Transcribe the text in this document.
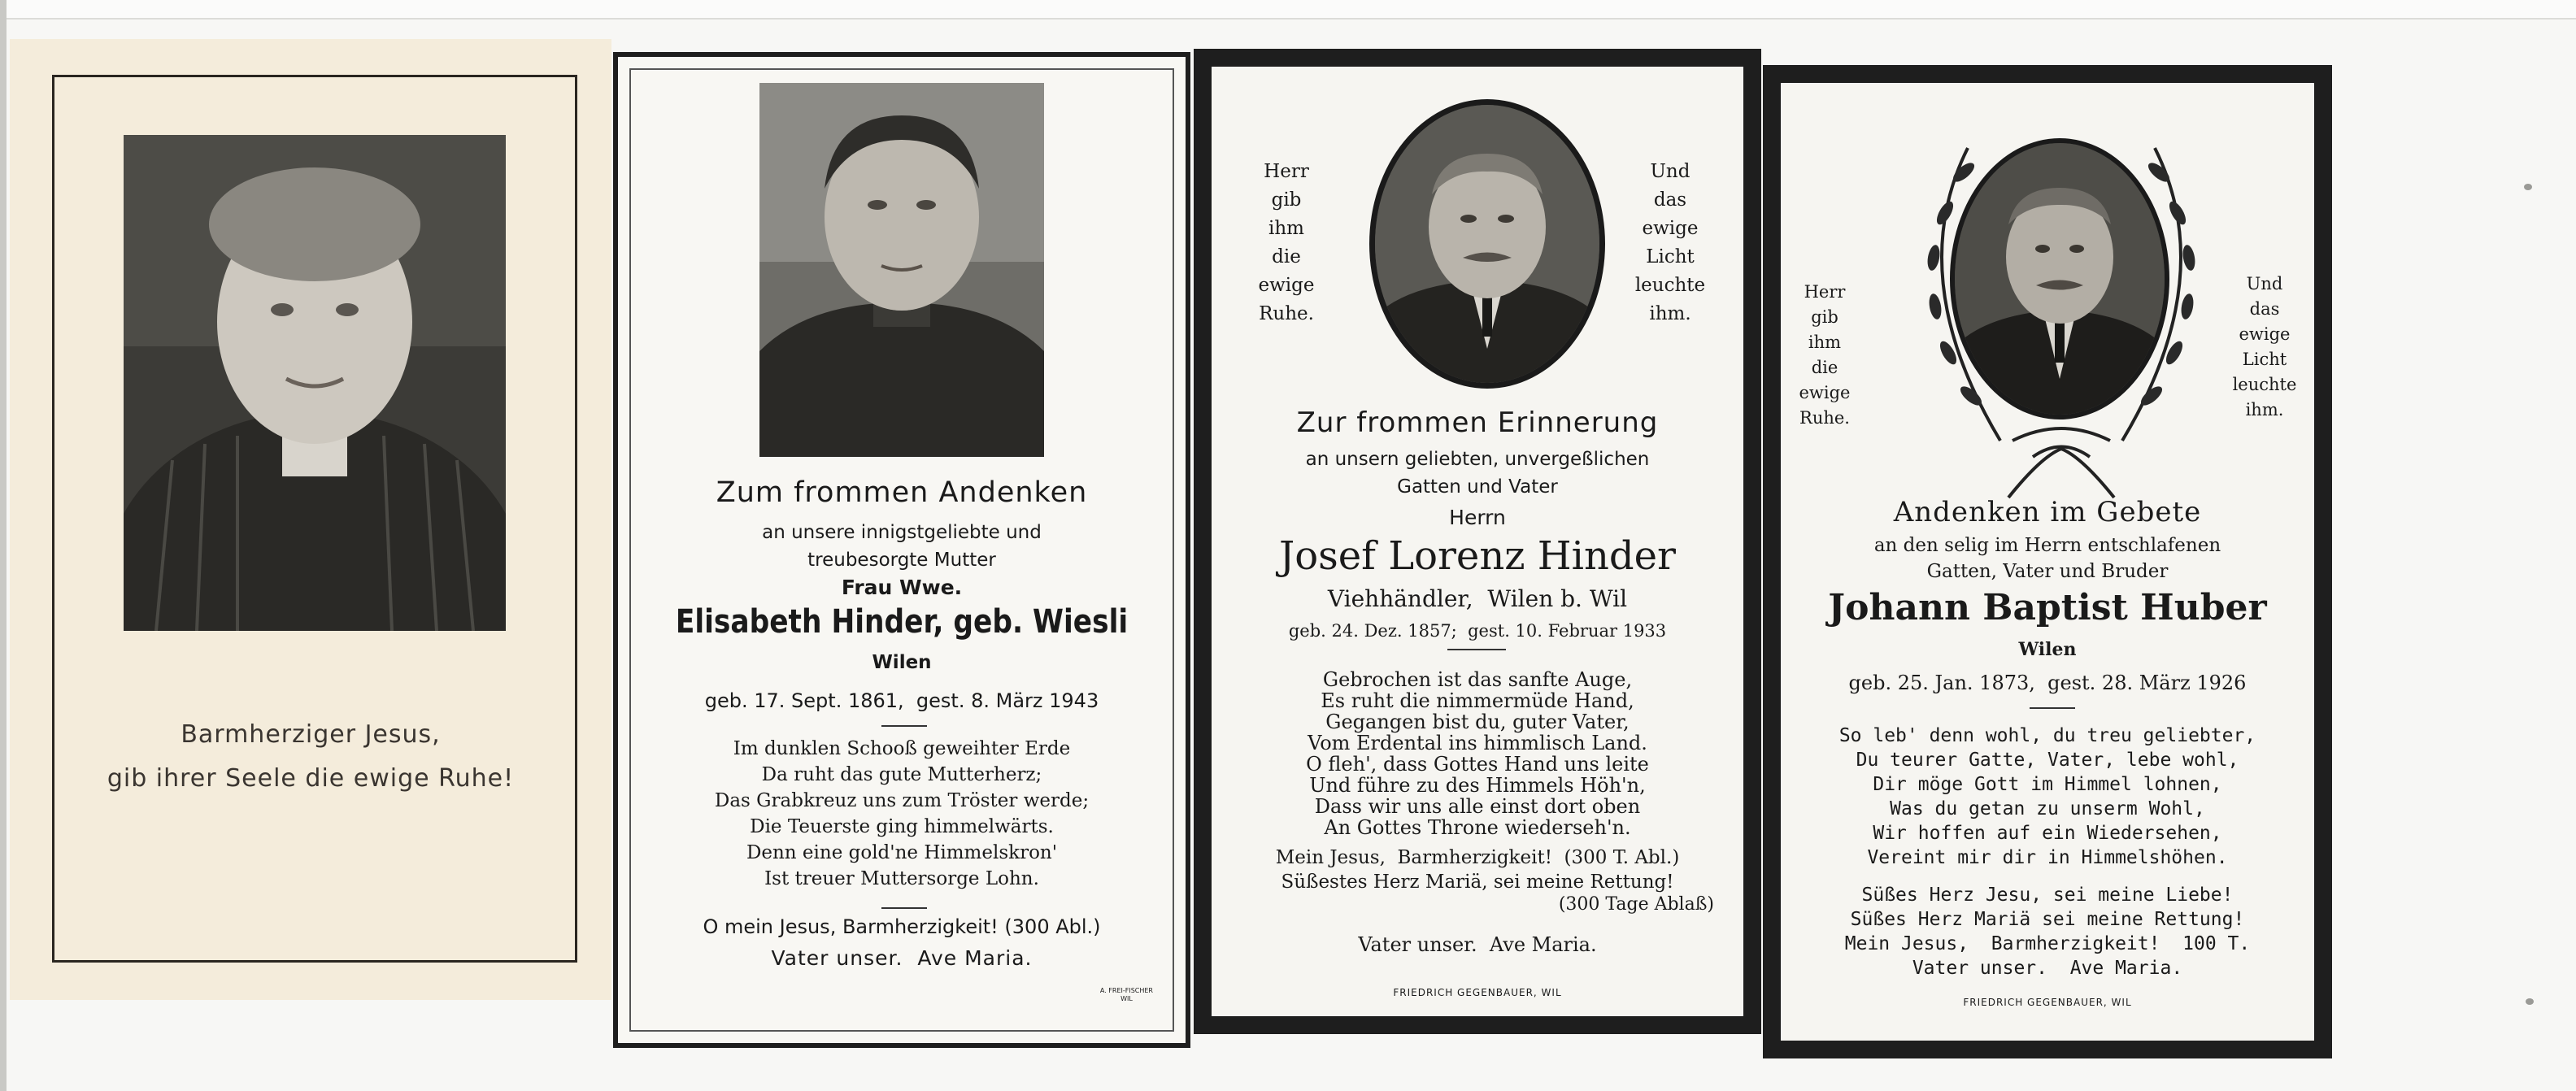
Barmherziger Jesus,
gib ihrer Seele die ewige Ruhe!
Zum frommen Andenken
an unsere innigstgeliebte und
treubesorgte Mutter
Frau Wwe.
Elisabeth Hinder, geb. Wiesli
Wilen
geb. 17. Sept. 1861,  gest. 8. März 1943
Im dunklen Schooß geweihter Erde
Da ruht das gute Mutterherz;
Das Grabkreuz uns zum Tröster werde;
Die Teuerste ging himmelwärts.
Denn eine gold'ne Himmelskron'
Ist treuer Muttersorge Lohn.
O mein Jesus, Barmherzigkeit! (300 Abl.)
Vater unser.  Ave Maria.
A. FREI-FISCHER
WIL
Herr
gib
ihm
die
ewige
Ruhe.
Und
das
ewige
Licht
leuchte
ihm.
Zur frommen Erinnerung
an unsern geliebten, unvergeßlichen
Gatten und Vater
Herrn
Josef Lorenz Hinder
Viehhändler,  Wilen b. Wil
geb. 24. Dez. 1857;  gest. 10. Februar 1933
Gebrochen ist das sanfte Auge,
Es ruht die nimmermüde Hand,
Gegangen bist du, guter Vater,
Vom Erdental ins himmlisch Land.
O fleh', dass Gottes Hand uns leite
Und führe zu des Himmels Höh'n,
Dass wir uns alle einst dort oben
An Gottes Throne wiederseh'n.
Mein Jesus,  Barmherzigkeit!  (300 T. Abl.)
Süßestes Herz Mariä, sei meine Rettung!
(300 Tage Ablaß)
Vater unser.  Ave Maria.
FRIEDRICH GEGENBAUER, WIL
Herr
gib
ihm
die
ewige
Ruhe.
Und
das
ewige
Licht
leuchte
ihm.
Andenken im Gebete
an den selig im Herrn entschlafenen
Gatten, Vater und Bruder
Johann Baptist Huber
Wilen
geb. 25. Jan. 1873,  gest. 28. März 1926
So leb' denn wohl, du treu geliebter,
Du teurer Gatte, Vater, lebe wohl,
Dir möge Gott im Himmel lohnen,
Was du getan zu unserm Wohl,
Wir hoffen auf ein Wiedersehen,
Vereint mir dir in Himmelshöhen.
Süßes Herz Jesu, sei meine Liebe!
Süßes Herz Mariä sei meine Rettung!
Mein Jesus,  Barmherzigkeit!  100 T.
Vater unser.  Ave Maria.
FRIEDRICH GEGENBAUER, WIL
